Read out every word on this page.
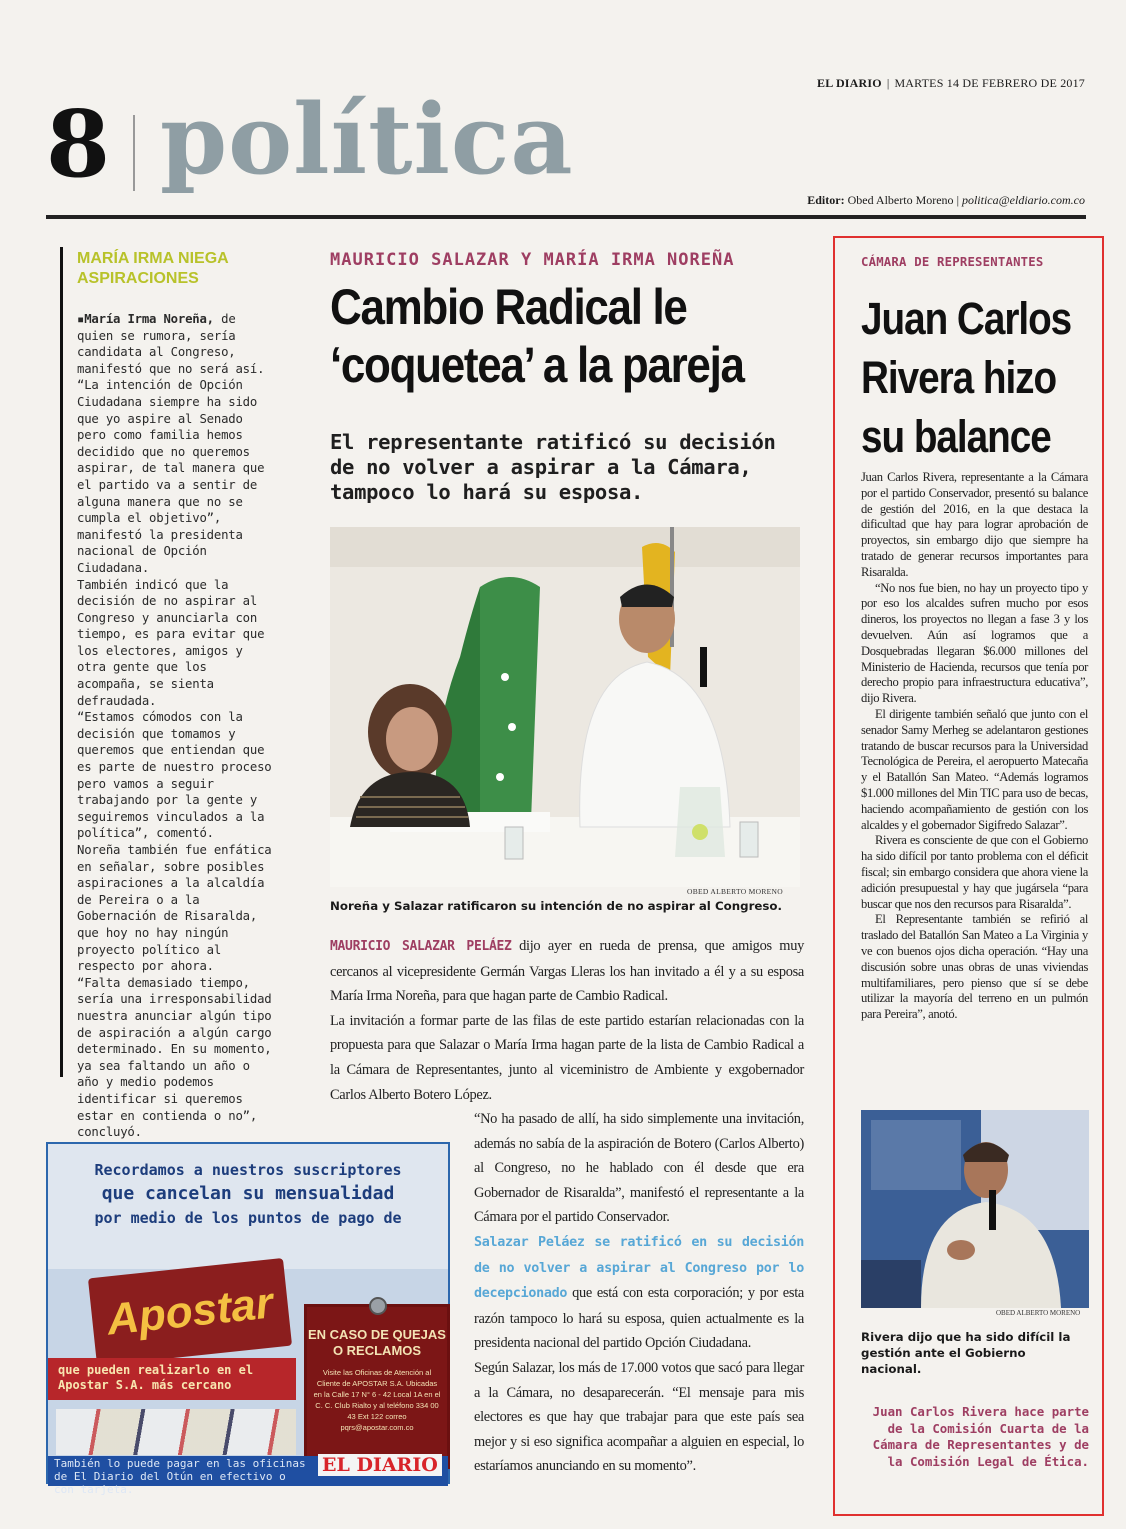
EL DIARIO | MARTES 14 DE FEBRERO DE 2017
8 política
Editor: Obed Alberto Moreno | politica@eldiario.com.co
MARÍA IRMA NIEGA ASPIRACIONES

▪María Irma Noreña, de quien se rumora, sería candidata al Congreso, manifestó que no será así.

“La intención de Opción Ciudadana siempre ha sido que yo aspire al Senado pero como familia hemos decidido que no queremos aspirar, de tal manera que el partido va a sentir de alguna manera que no se cumpla el objetivo”, manifestó la presidenta nacional de Opción Ciudadana.

También indicó que la decisión de no aspirar al Congreso y anunciarla con tiempo, es para evitar que los electores, amigos y otra gente que los acompaña, se sienta defraudada.

“Estamos cómodos con la decisión que tomamos y queremos que entiendan que es parte de nuestro proceso pero vamos a seguir trabajando por la gente y seguiremos vinculados a la política”, comentó.

Noreña también fue enfática en señalar, sobre posibles aspiraciones a la alcaldía de Pereira o a la Gobernación de Risaralda, que hoy no hay ningún proyecto político al respecto por ahora.

“Falta demasiado tiempo, sería una irresponsabilidad nuestra anunciar algún tipo de aspiración a algún cargo determinado. En su momento, ya sea faltando un año o año y medio podemos identificar si queremos estar en contienda o no”, concluyó.

MAURICIO SALAZAR Y MARÍA IRMA NOREÑA
Cambio Radical le
‘coquetea’ a la pareja
El representante ratificó su decisión de no volver a aspirar a la Cámara, tampoco lo hará su esposa.
OBED ALBERTO MORENO
Noreña y Salazar ratificaron su intención de no aspirar al Congreso.

MAURICIO SALAZAR PELÁEZ dijo ayer en rueda de prensa, que amigos muy cercanos al vicepresidente Germán Vargas Lleras los han invitado a él y a su esposa María Irma Noreña, para que hagan parte de Cambio Radical.

La invitación a formar parte de las filas de este partido estarían relacionadas con la propuesta para que Salazar o María Irma hagan parte de la lista de Cambio Radical a la Cámara de Representantes, junto al viceministro de Ambiente y exgobernador Carlos Alberto Botero López.

“No ha pasado de allí, ha sido simplemente una invitación, además no sabía de la aspiración de Botero (Carlos Alberto) al Congreso, no he hablado con él desde que era Gobernador de Risaralda”, manifestó el representante a la Cámara por el partido Conservador.

Salazar Peláez se ratificó en su decisión de no volver a aspirar al Congreso por lo decepcionado que está con esta corporación; y por esta razón tampoco lo hará su esposa, quien actualmente es la presidenta nacional del partido Opción Ciudadana.

Según Salazar, los más de 17.000 votos que sacó para llegar a la Cámara, no desaparecerán. “El mensaje para mis electores es que hay que trabajar para que este país sea mejor y si eso significa acompañar a alguien en especial, lo estaríamos anunciando en su momento”.

Recordamos a nuestros suscriptores
que cancelan su mensualidad
por medio de los puntos de pago de
Apostar
que pueden realizarlo en el Apostar S.A. más cercano
EN CASO DE QUEJAS O RECLAMOS
Visite las Oficinas de Atención al Cliente de APOSTAR S.A. Ubicadas en la Calle 17 N° 6 - 42 Local 1A en el C. C. Club Rialto y al teléfono 334 00 43 Ext 122 correo pqrs@apostar.com.co
También lo puede pagar en las oficinas de El Diario del Otún en efectivo o con tarjeta.
EL DIARIO
CÁMARA DE REPRESENTANTES
Juan Carlos
Rivera hizo
su balance

Juan Carlos Rivera, representante a la Cámara por el partido Conservador, presentó su balance de gestión del 2016, en la que destaca la dificultad que hay para lograr aprobación de proyectos, sin embargo dijo que siempre ha tratado de generar recursos importantes para Risaralda.

“No nos fue bien, no hay un proyecto tipo y por eso los alcaldes sufren mucho por esos dineros, los proyectos no llegan a fase 3 y los devuelven. Aún así logramos que a Dosquebradas llegaran $6.000 millones del Ministerio de Hacienda, recursos que tenía por derecho propio para infraestructura educativa”, dijo Rivera.

El dirigente también señaló que junto con el senador Samy Merheg se adelantaron gestiones tratando de buscar recursos para la Universidad Tecnológica de Pereira, el aeropuerto Matecaña y el Batallón San Mateo. “Además logramos $1.000 millones del Min TIC para uso de becas, haciendo acompañamiento de gestión con los alcaldes y el gobernador Sigifredo Salazar”.

Rivera es consciente de que con el Gobierno ha sido difícil por tanto problema con el déficit fiscal; sin embargo considera que ahora viene la adición presupuestal y hay que jugársela “para buscar que nos den recursos para Risaralda”.

El Representante también se refirió al traslado del Batallón San Mateo a La Virginia y ve con buenos ojos dicha operación. “Hay una discusión sobre unas obras de unas viviendas multifamiliares, pero pienso que sí se debe utilizar la mayoría del terreno en un pulmón para Pereira”, anotó.

OBED ALBERTO MORENO
Rivera dijo que ha sido difícil la gestión ante el Gobierno nacional.
Juan Carlos Rivera hace parte de la Comisión Cuarta de la Cámara de Representantes y de la Comisión Legal de Ética.
